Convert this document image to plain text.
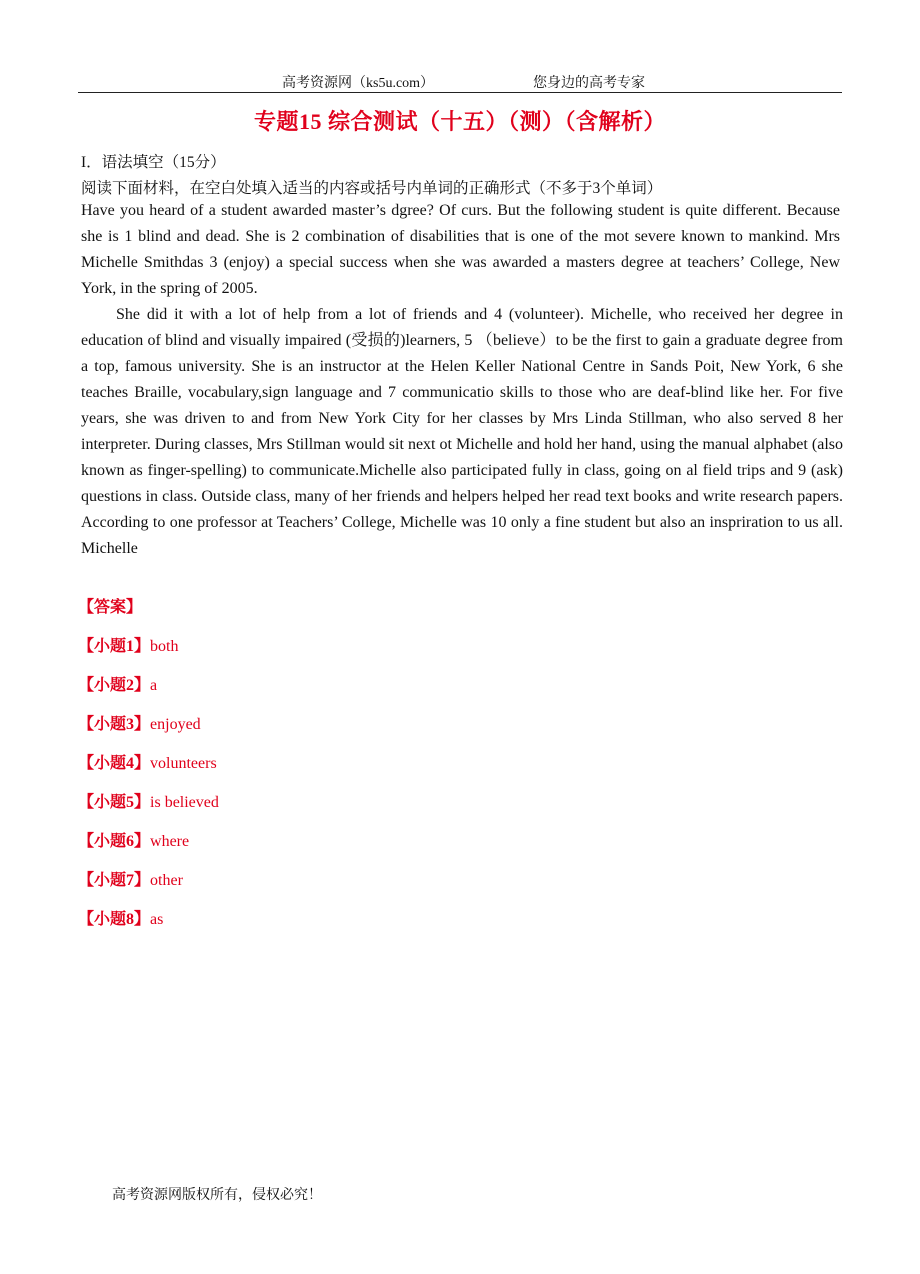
高考资源网（ks5u.com）	您身边的高考专家
专题15 综合测试（十五）（测）（含解析）
I．语法填空（15分）
阅读下面材料，在空白处填入适当的内容或括号内单词的正确形式（不多于3个单词）
Have you heard of a student awarded master’s dgree? Of curs. But the following student is quite different. Because she is 1 blind and dead. She is 2 combination of disabilities that is one of the mot severe known to mankind. Mrs Michelle Smithdas 3 (enjoy) a special success when she was awarded a masters degree at teachers’ College, New York, in the spring of 2005.
She did it with a lot of help from a lot of friends and 4 (volunteer). Michelle, who received her degree in education of blind and visually impaired (受损的)learners, 5 （believe）to be the first to gain a graduate degree from a top, famous university. She is an instructor at the Helen Keller National Centre in Sands Poit, New York, 6 she teaches Braille, vocabulary,sign language and 7 communicatio skills to those who are deaf-blind like her. For five years, she was driven to and from New York City for her classes by Mrs Linda Stillman, who also served 8 her interpreter. During classes, Mrs Stillman would sit next ot Michelle and hold her hand, using the manual alphabet (also known as finger-spelling) to communicate.Michelle also participated fully in class, going on al field trips and 9 (ask) questions in class. Outside class, many of her friends and helpers helped her read text books and write research papers. According to one professor at Teachers’ College, Michelle was 10 only a fine student but also an inspriration to us all. Michelle
【答案】
【小题1】both
【小题2】a
【小题3】enjoyed
【小题4】volunteers
【小题5】is believed
【小题6】where
【小题7】other
【小题8】as
高考资源网版权所有，侵权必究！
